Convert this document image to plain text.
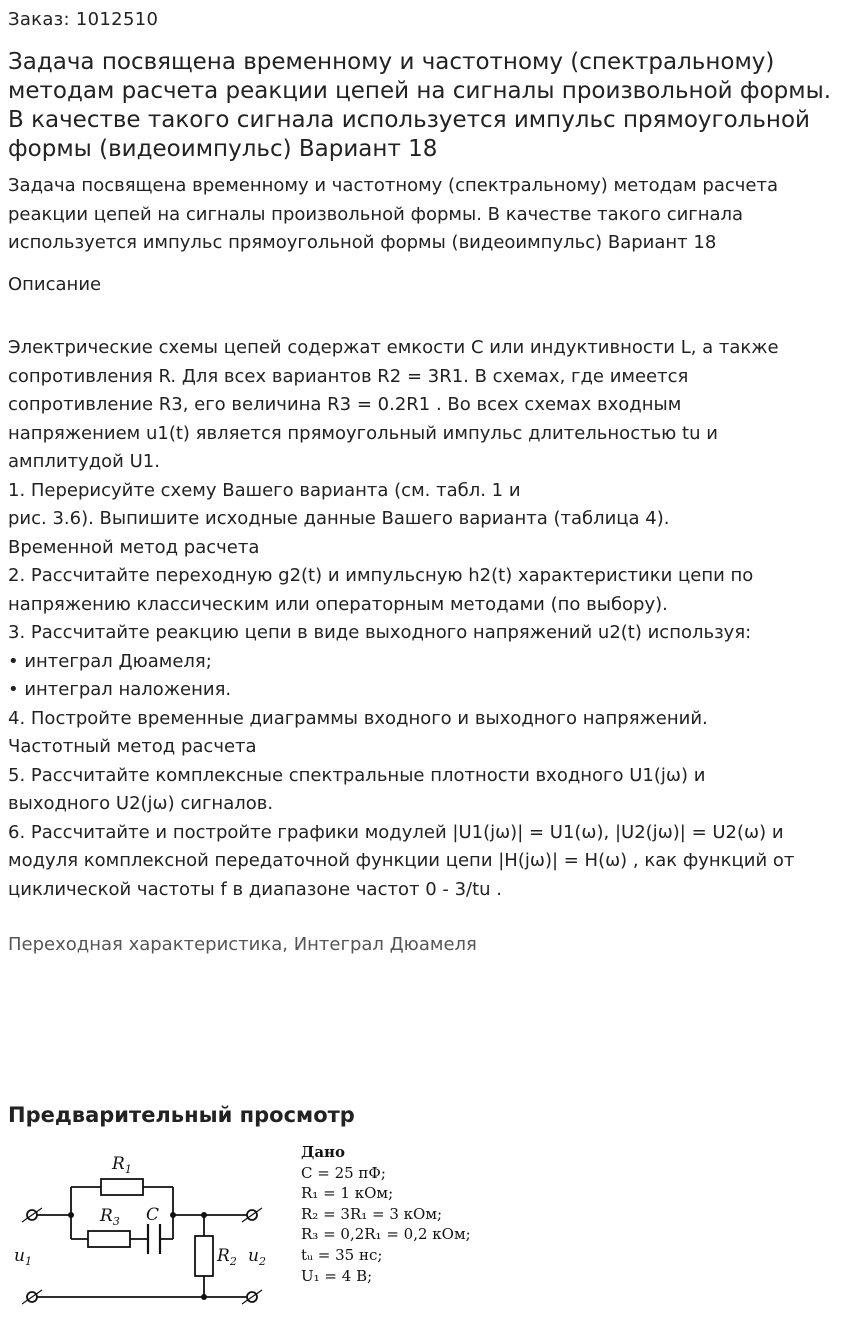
Заказ: 1012510
Задача посвящена временному и частотному (спектральному) методам расчета реакции цепей на сигналы произвольной формы. В качестве такого сигнала используется импульс прямоугольной формы (видеоимпульс) Вариант 18

Задача посвящена временному и частотному (спектральному) методам расчета реакции цепей на сигналы произвольной формы. В качестве такого сигнала используется импульс прямоугольной формы (видеоимпульс) Вариант 18

Описание
Электрические схемы цепей содержат емкости C или индуктивности L, а также
сопротивления R. Для всех вариантов R2 = 3R1. В схемах, где имеется
сопротивление R3, его величина R3 = 0.2R1 . Во всех схемах входным
напряжением u1(t) является прямоугольный импульс длительностью tu и
амплитудой U1.
1. Перерисуйте схему Вашего варианта (см. табл. 1 и
рис. 3.6). Выпишите исходные данные Вашего варианта (таблица 4).
Временной метод расчета
2. Рассчитайте переходную g2(t) и импульсную h2(t) характеристики цепи по
напряжению классическим или операторным методами (по выбору).
3. Рассчитайте реакцию цепи в виде выходного напряжений u2(t) используя:
• интеграл Дюамеля;
• интеграл наложения.
4. Постройте временные диаграммы входного и выходного напряжений.
Частотный метод расчета
5. Рассчитайте комплексные спектральные плотности входного U1(jω) и
выходного U2(jω) сигналов.
6. Рассчитайте и постройте графики модулей |U1(jω)| = U1(ω), |U2(jω)| = U2(ω) и
модуля комплексной передаточной функции цепи |H(jω)| = H(ω) , как функций от
циклической частоты f в диапазоне частот 0 - 3/tu .
Переходная характеристика, Интеграл Дюамеля
Предварительный просмотр
$R_1$
$R_3$ C
$R_2$
$u_1$	$u_2$
Дано
C = 25 пФ;
R₁ = 1 кОм;
R₂ = 3R₁ = 3 кОм;
R₃ = 0,2R₁ = 0,2 кОм;
tᵤ = 35 нс;
U₁ = 4 В;
